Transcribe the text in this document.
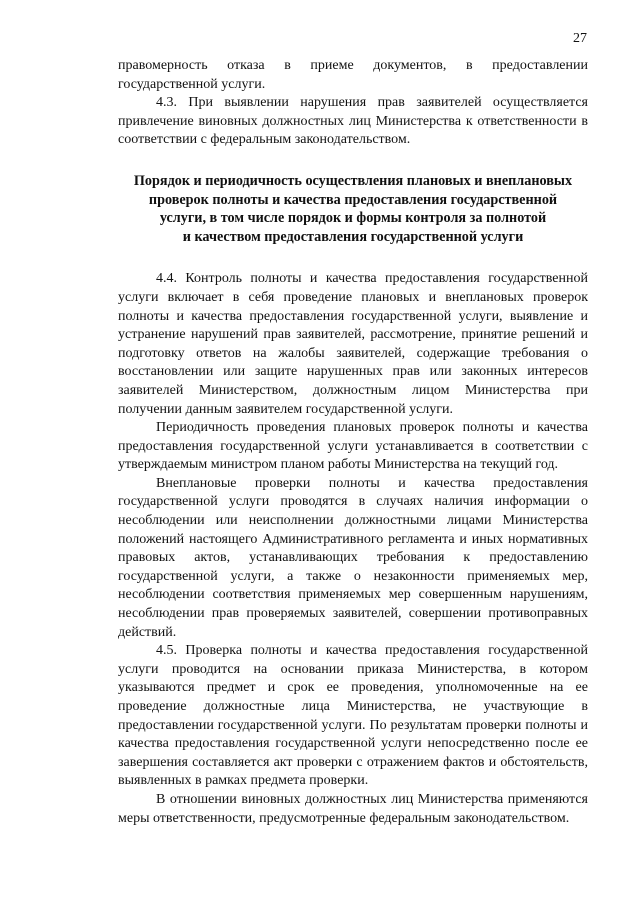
27

правомерность отказа в приеме документов, в предоставлении государственной услуги.

4.3. При выявлении нарушения прав заявителей осуществляется привлечение виновных должностных лиц Министерства к ответственности в соответствии с федеральным законодательством.

Порядок и периодичность осуществления плановых и внеплановых
проверок полноты и качества предоставления государственной
услуги, в том числе порядок и формы контроля за полнотой
и качеством предоставления государственной услуги

4.4. Контроль полноты и качества предоставления государственной услуги включает в себя проведение плановых и внеплановых проверок полноты и качества предоставления государственной услуги, выявление и устранение нарушений прав заявителей, рассмотрение, принятие решений и подготовку ответов на жалобы заявителей, содержащие требования о восстановлении или защите нарушенных прав или законных интересов заявителей Министерством, должностным лицом Министерства при получении данным заявителем государственной услуги.

Периодичность проведения плановых проверок полноты и качества предоставления государственной услуги устанавливается в соответствии с утверждаемым министром планом работы Министерства на текущий год.

Внеплановые проверки полноты и качества предоставления государственной услуги проводятся в случаях наличия информации о несоблюдении или неисполнении должностными лицами Министерства положений настоящего Административного регламента и иных нормативных правовых актов, устанавливающих требования к предоставлению государственной услуги, а также о незаконности применяемых мер, несоблюдении соответствия применяемых мер совершенным нарушениям, несоблюдении прав проверяемых заявителей, совершении противоправных действий.

4.5. Проверка полноты и качества предоставления государственной услуги проводится на основании приказа Министерства, в котором указываются предмет и срок ее проведения, уполномоченные на ее проведение должностные лица Министерства, не участвующие в предоставлении государственной услуги. По результатам проверки полноты и качества предоставления государственной услуги непосредственно после ее завершения составляется акт проверки с отражением фактов и обстоятельств, выявленных в рамках предмета проверки.

В отношении виновных должностных лиц Министерства применяются меры ответственности, предусмотренные федеральным законодательством.
